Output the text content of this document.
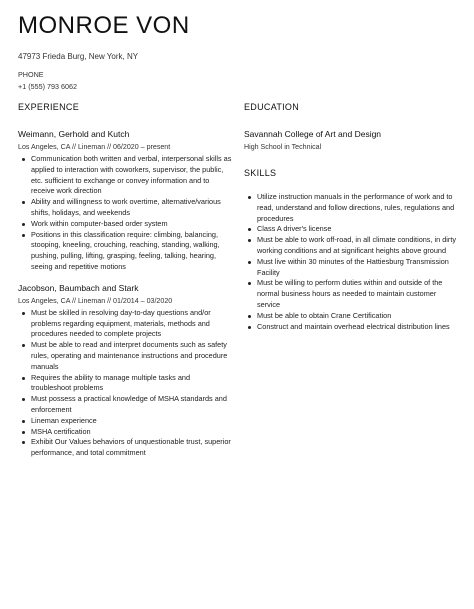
MONROE VON
47973 Frieda Burg, New York, NY
PHONE
+1 (555) 793 6062
EXPERIENCE
Weimann, Gerhold and Kutch
Los Angeles, CA // Lineman // 06/2020 – present
Communication both written and verbal, interpersonal skills as applied to interaction with coworkers, supervisor, the public, etc. sufficient to exchange or convey information and to receive work direction
Ability and willingness to work overtime, alternative/various shifts, holidays, and weekends
Work within computer-based order system
Positions in this classification require: climbing, balancing, stooping, kneeling, crouching, reaching, standing, walking, pushing, pulling, lifting, grasping, feeling, talking, hearing, seeing and repetitive motions
Jacobson, Baumbach and Stark
Los Angeles, CA // Lineman // 01/2014 – 03/2020
Must be skilled in resolving day-to-day questions and/or problems regarding equipment, materials, methods and procedures needed to complete projects
Must be able to read and interpret documents such as safety rules, operating and maintenance instructions and procedure manuals
Requires the ability to manage multiple tasks and troubleshoot problems
Must possess a practical knowledge of MSHA standards and enforcement
Lineman experience
MSHA certification
Exhibit Our Values behaviors of unquestionable trust, superior performance, and total commitment
EDUCATION
Savannah College of Art and Design
High School in Technical
SKILLS
Utilize instruction manuals in the performance of work and to read, understand and follow directions, rules, regulations and procedures
Class A driver's license
Must be able to work off-road, in all climate conditions, in dirty working conditions and at significant heights above ground
Must live within 30 minutes of the Hattiesburg Transmission Facility
Must be willing to perform duties within and outside of the normal business hours as needed to maintain customer service
Must be able to obtain Crane Certification
Construct and maintain overhead electrical distribution lines
